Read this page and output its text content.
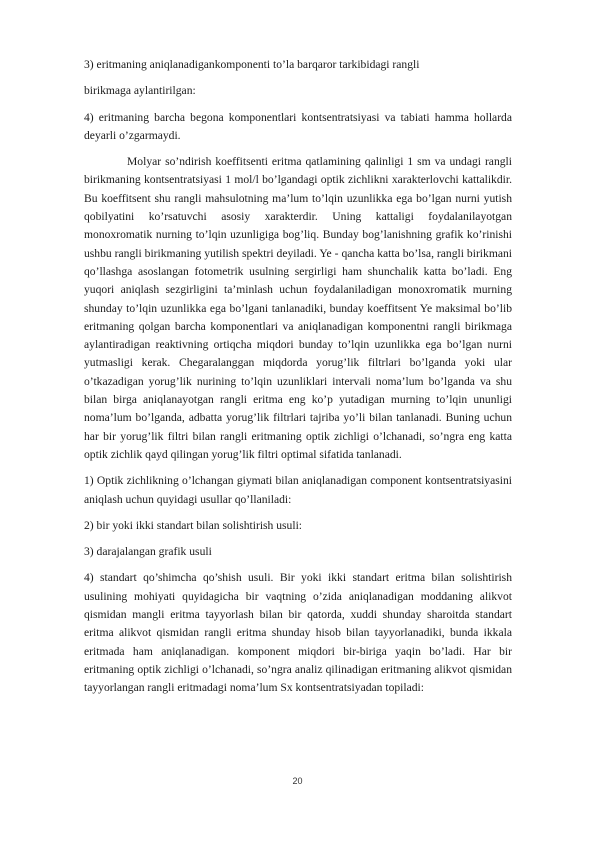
3) eritmaning aniqlanadigankomponenti to’la barqaror tarkibidagi rangli

birikmaga aylantirilgan:

4) eritmaning barcha begona komponentlari kontsentratsiyasi va tabiati hamma hollarda deyarli o’zgarmaydi.

Molyar so’ndirish koeffitsenti eritma qatlamining qalinligi 1 sm va undagi rangli birikmaning kontsentratsiyasi 1 mol/l bo’lgandagi optik zichlikni xarakterlovchi kattalikdir. Bu koeffitsent shu rangli mahsulotning ma’lum to’lqin uzunlikka ega bo’lgan nurni yutish qobilyatini ko’rsatuvchi asosiy xarakterdir. Uning kattaligi foydalanilayotgan monoxromatik nurning to’lqin uzunligiga bog’liq. Bunday bog’lanishning grafik ko’rinishi ushbu rangli birikmaning yutilish spektri deyiladi. Ye - qancha katta bo’lsa, rangli birikmani qo’llashga asoslangan fotometrik usulning sergirligi ham shunchalik katta bo’ladi. Eng yuqori aniqlash sezgirligini ta’minlash uchun foydalaniladigan monoxromatik murning shunday to’lqin uzunlikka ega bo’lgani tanlanadiki, bunday koeffitsent Ye maksimal bo’lib eritmaning qolgan barcha komponentlari va aniqlanadigan komponentni rangli birikmaga aylantiradigan reaktivning ortiqcha miqdori bunday to’lqin uzunlikka ega bo’lgan nurni yutmasligi kerak. Chegaralanggan miqdorda yorug’lik filtrlari bo’lganda yoki ular o’tkazadigan yorug’lik nurining to’lqin uzunliklari intervali noma’lum bo’lganda va shu bilan birga aniqlanayotgan rangli eritma eng ko’p yutadigan murning to’lqin ununligi noma’lum bo’lganda, adbatta yorug’lik filtrlari tajriba yo’li bilan tanlanadi. Buning uchun har bir yorug’lik filtri bilan rangli eritmaning optik zichligi o’lchanadi, so’ngra eng katta optik zichlik qayd qilingan yorug’lik filtri optimal sifatida tanlanadi.

1) Optik zichlikning o’lchangan giymati bilan aniqlanadigan component kontsentratsiyasini aniqlash uchun quyidagi usullar qo’llaniladi:

2) bir yoki ikki standart bilan solishtirish usuli:

3) darajalangan grafik usuli

4) standart qo’shimcha qo’shish usuli. Bir yoki ikki standart eritma bilan solishtirish usulining mohiyati quyidagicha bir vaqtning o’zida aniqlanadigan moddaning alikvot qismidan mangli eritma tayyorlash bilan bir qatorda, xuddi shunday sharoitda standart eritma alikvot qismidan rangli eritma shunday hisob bilan tayyorlanadiki, bunda ikkala eritmada ham aniqlanadigan. komponent miqdori bir-biriga yaqin bo’ladi. Har bir eritmaning optik zichligi o’lchanadi, so’ngra analiz qilinadigan eritmaning alikvot qismidan tayyorlangan rangli eritmadagi noma’lum Sx kontsentratsiyadan topiladi:

20
